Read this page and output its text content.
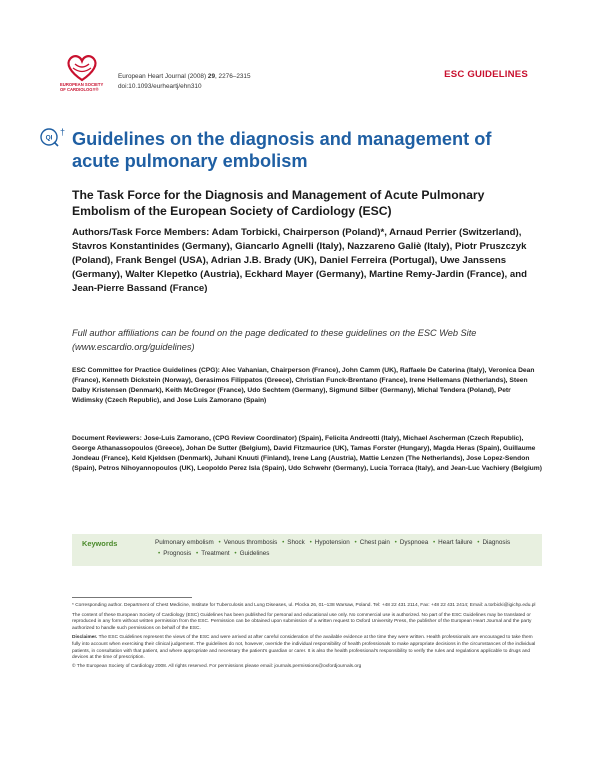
EUROPEAN SOCIETY OF CARDIOLOGY®
European Heart Journal (2008) 29, 2276–2315
doi:10.1093/eurheartj/ehn310
ESC GUIDELINES
QI
† Guidelines on the diagnosis and management of acute pulmonary embolism
The Task Force for the Diagnosis and Management of Acute Pulmonary Embolism of the European Society of Cardiology (ESC)
Authors/Task Force Members: Adam Torbicki, Chairperson (Poland)*, Arnaud Perrier (Switzerland), Stavros Konstantinides (Germany), Giancarlo Agnelli (Italy), Nazzareno Galiè (Italy), Piotr Pruszczyk (Poland), Frank Bengel (USA), Adrian J.B. Brady (UK), Daniel Ferreira (Portugal), Uwe Janssens (Germany), Walter Klepetko (Austria), Eckhard Mayer (Germany), Martine Remy-Jardin (France), and Jean-Pierre Bassand (France)
Full author affiliations can be found on the page dedicated to these guidelines on the ESC Web Site (www.escardio.org/guidelines)
ESC Committee for Practice Guidelines (CPG): Alec Vahanian, Chairperson (France), John Camm (UK), Raffaele De Caterina (Italy), Veronica Dean (France), Kenneth Dickstein (Norway), Gerasimos Filippatos (Greece), Christian Funck-Brentano (France), Irene Hellemans (Netherlands), Steen Dalby Kristensen (Denmark), Keith McGregor (France), Udo Sechtem (Germany), Sigmund Silber (Germany), Michal Tendera (Poland), Petr Widimsky (Czech Republic), and Jose Luis Zamorano (Spain)
Document Reviewers: Jose-Luis Zamorano, (CPG Review Coordinator) (Spain), Felicita Andreotti (Italy), Michael Ascherman (Czech Republic), George Athanassopoulos (Greece), Johan De Sutter (Belgium), David Fitzmaurice (UK), Tamas Forster (Hungary), Magda Heras (Spain), Guillaume Jondeau (France), Keld Kjeldsen (Denmark), Juhani Knuuti (Finland), Irene Lang (Austria), Mattie Lenzen (The Netherlands), Jose Lopez-Sendon (Spain), Petros Nihoyannopoulos (UK), Leopoldo Perez Isla (Spain), Udo Schwehr (Germany), Lucia Torraca (Italy), and Jean-Luc Vachiery (Belgium)
Keywords	Pulmonary embolism • Venous thrombosis • Shock • Hypotension • Chest pain • Dyspnoea • Heart failure • Diagnosis • Prognosis • Treatment • Guidelines

* Corresponding author. Department of Chest Medicine, Institute for Tuberculosis and Lung Diseases, ul. Plocka 26, 01–138 Warsaw, Poland. Tel: +48 22 431 2114, Fax: +48 22 431 2414; Email: a.torbicki@igichp.edu.pl

The content of these European Society of Cardiology (ESC) Guidelines has been published for personal and educational use only. No commercial use is authorized. No part of the ESC Guidelines may be translated or reproduced in any form without written permission from the ESC. Permission can be obtained upon submission of a written request to Oxford University Press, the publisher of the European Heart Journal and the party authorized to handle such permissions on behalf of the ESC.

Disclaimer. The ESC Guidelines represent the views of the ESC and were arrived at after careful consideration of the available evidence at the time they were written. Health professionals are encouraged to take them fully into account when exercising their clinical judgement. The guidelines do not, however, override the individual responsibility of health professionals to make appropriate decisions in the circumstances of the individual patients, in consultation with that patient, and where appropriate and necessary the patient's guardian or carer. It is also the health professional's responsibility to verify the rules and regulations applicable to drugs and devices at the time of prescription.

© The European Society of Cardiology 2008. All rights reserved. For permissions please email: journals.permissions@oxfordjournals.org
